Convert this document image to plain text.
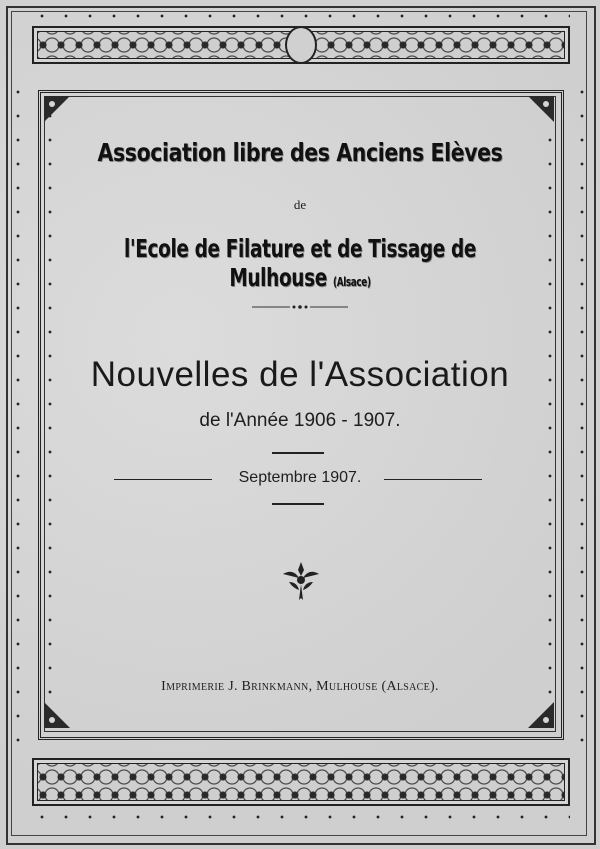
Association libre des Anciens Elèves
de
l'Ecole de Filature et de Tissage de Mulhouse (Alsace)
Nouvelles de l'Association
de l'Année 1906 - 1907.
Septembre 1907.
Imprimerie J. Brinkmann, Mulhouse (Alsace).
